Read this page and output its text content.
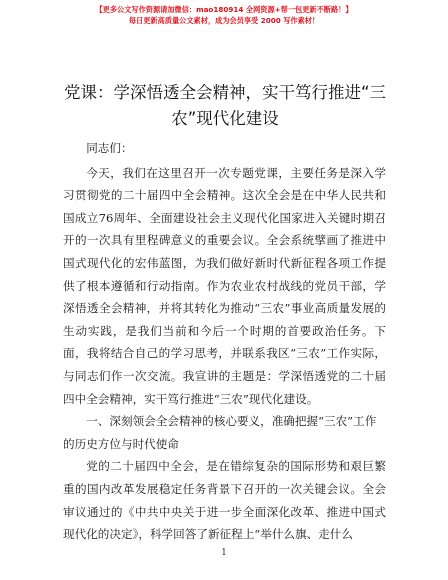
【更多公文写作资源请加微信：mao180914 全网资源+帮一包更新不断路！】
每日更新高质量公文素材，成为会员享受 2000 写作素材！
党课：学深悟透全会精神，实干笃行推进“三农”现代化建设

同志们：

今天，我们在这里召开一次专题党课，主要任务是深入学习贯彻党的二十届四中全会精神。这次全会是在中华人民共和国成立76周年、全面建设社会主义现代化国家进入关键时期召开的一次具有里程碑意义的重要会议。全会系统擘画了推进中国式现代化的宏伟蓝图，为我们做好新时代新征程各项工作提供了根本遵循和行动指南。作为农业农村战线的党员干部，学深悟透全会精神，并将其转化为推动“三农”事业高质量发展的生动实践，是我们当前和今后一个时期的首要政治任务。下面，我将结合自己的学习思考，并联系我区“三农”工作实际，与同志们作一次交流。我宣讲的主题是：学深悟透党的二十届四中全会精神，实干笃行推进“三农”现代化建设。

一、深刻领会全会精神的核心要义，准确把握“三农”工作的历史方位与时代使命

党的二十届四中全会，是在错综复杂的国际形势和艰巨繁重的国内改革发展稳定任务背景下召开的一次关键会议。全会审议通过的《中共中央关于进一步全面深化改革、推进中国式现代化的决定》，科学回答了新征程上“举什么旗、走什么

1
